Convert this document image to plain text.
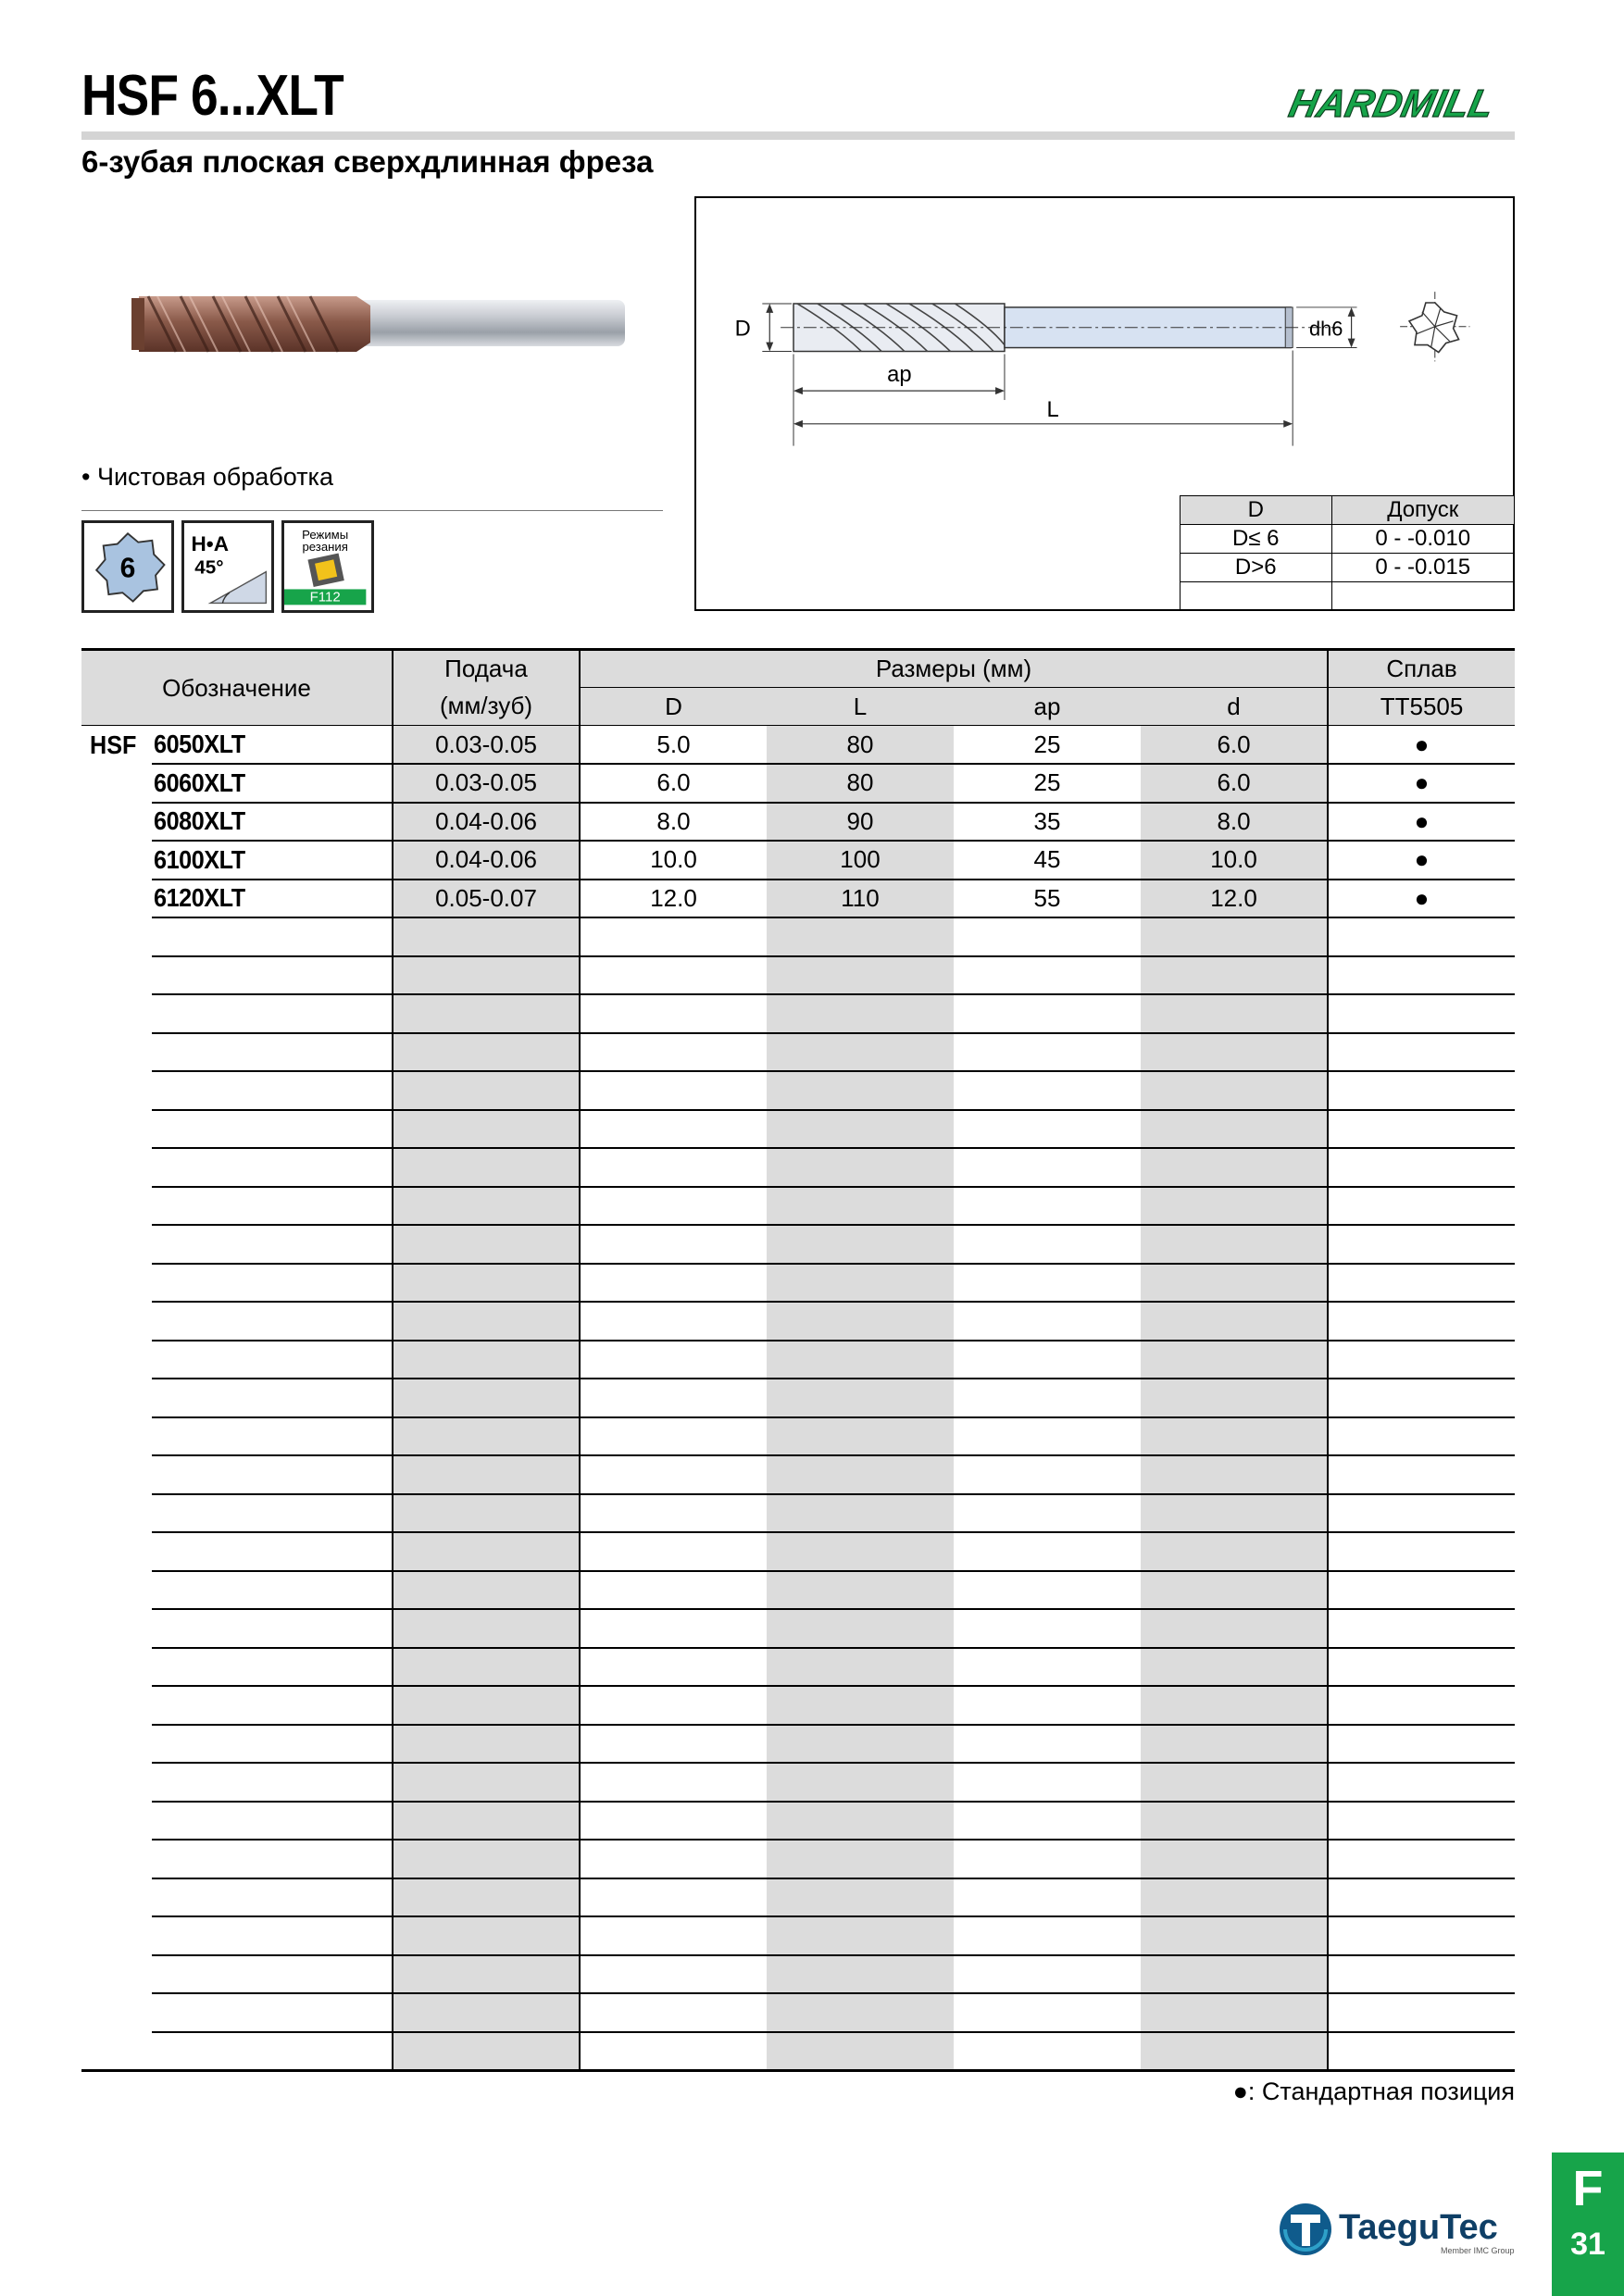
HSF 6...XLT
6-зубая плоская сверхдлинная фреза
HARDMILL
• Чистовая обработка
6
H•A
45°
Режимы
резания
F112
D	dh6
ap
L
D	Допуск
D≤ 6	0 - -0.010
D>6	0 - -0.015

Обозначение		Подача	Размеры (мм)				Сплав
		(мм/зуб)	D	L	ap	d	TT5505
HSF	6050XLT	0.03-0.05	5.0	80	25	6.0	●
	6060XLT	0.03-0.05	6.0	80	25	6.0	●
	6080XLT	0.04-0.06	8.0	90	35	8.0	●
	6100XLT	0.04-0.06	10.0	100	45	10.0	●
	6120XLT	0.05-0.07	12.0	110	55	12.0	●

●: Стандартная позиция
TaeguTec
Member IMC Group
F
31
